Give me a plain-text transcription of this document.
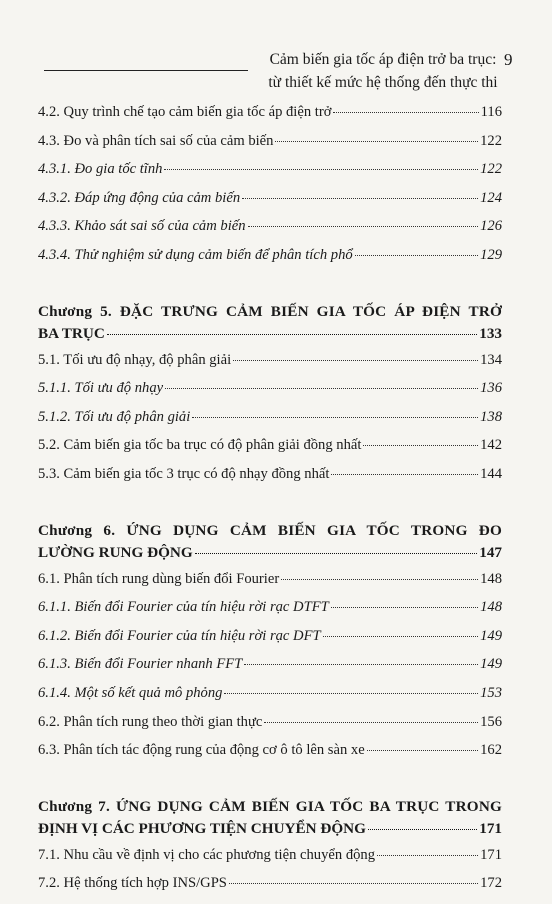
Cảm biến gia tốc áp điện trở ba trục:
từ thiết kế mức hệ thống đến thực thi
9
4.2. Quy trình chế tạo cảm biến gia tốc áp điện trở	116
4.3. Đo và phân tích sai số của cảm biến	122
4.3.1. Đo gia tốc tĩnh	122
4.3.2. Đáp ứng động của cảm biến	124
4.3.3. Khảo sát sai số của cảm biến	126
4.3.4. Thử nghiệm sử dụng cảm biến để phân tích phổ	129
Chương 5. ĐẶC TRƯNG CẢM BIẾN GIA TỐC ÁP ĐIỆN TRỞ
BA TRỤC	133
5.1. Tối ưu độ nhạy, độ phân giải	134
5.1.1. Tối ưu độ nhạy	136
5.1.2. Tối ưu độ phân giải	138
5.2. Cảm biến gia tốc ba trục có độ phân giải đồng nhất	142
5.3. Cảm biến gia tốc 3 trục có độ nhạy đồng nhất	144
Chương 6. ỨNG DỤNG CẢM BIẾN GIA TỐC TRONG ĐO
LƯỜNG RUNG ĐỘNG	147
6.1. Phân tích rung dùng biến đổi Fourier	148
6.1.1. Biến đổi Fourier của tín hiệu rời rạc DTFT	148
6.1.2. Biến đổi Fourier của tín hiệu rời rạc DFT	149
6.1.3. Biến đổi Fourier nhanh FFT	149
6.1.4. Một số kết quả mô phỏng	153
6.2. Phân tích rung theo thời gian thực	156
6.3. Phân tích tác động rung của động cơ ô tô lên sàn xe	162
Chương 7. ỨNG DỤNG CẢM BIẾN GIA TỐC BA TRỤC TRONG
ĐỊNH VỊ CÁC PHƯƠNG TIỆN CHUYỂN ĐỘNG	171
7.1. Nhu cầu về định vị cho các phương tiện chuyển động	171
7.2. Hệ thống tích hợp INS/GPS	172
